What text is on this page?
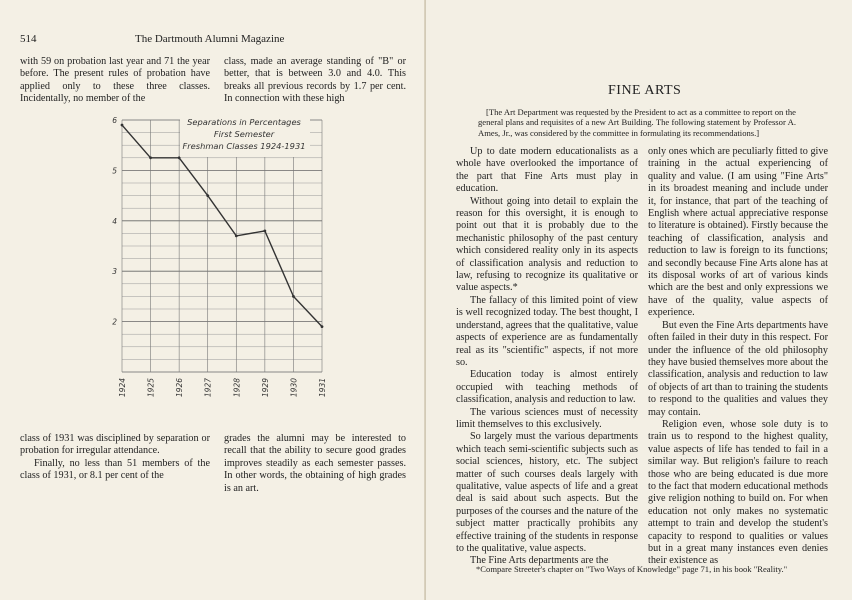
514	The Dartmouth Alumni Magazine

with 59 on probation last year and 71 the year before. The present rules of probation have applied only to these three classes. Incidentally, no member of the

class, made an average standing of "B" or better, that is between 3.0 and 4.0. This breaks all previous records by 1.7 per cent. In connection with these high

6
5
4
3
2
1924	1925	1926	1927	1928	1929	1930	1931
Separations in Percentages
First Semester
Freshman Classes 1924-1931

class of 1931 was disciplined by separation or probation for irregular attendance.

Finally, no less than 51 members of the class of 1931, or 8.1 per cent of the

grades the alumni may be interested to recall that the ability to secure good grades improves steadily as each semester passes. In other words, the obtaining of high grades is an art.

FINE ARTS
[The Art Department was requested by the President to act as a committee to report on the general plans and requisites of a new Art Building. The following statement by Professor A. Ames, Jr., was considered by the committee in formulating its recommendations.]

Up to date modern educationalists as a whole have overlooked the importance of the part that Fine Arts must play in education.

Without going into detail to explain the reason for this oversight, it is enough to point out that it is probably due to the mechanistic philosophy of the past century which considered reality only in its aspects of classification analysis and reduction to law, refusing to recognize its qualitative or value aspects.*

The fallacy of this limited point of view is well recognized today. The best thought, I understand, agrees that the qualitative, value aspects of experience are as fundamentally real as its "scientific" aspects, if not more so.

Education today is almost entirely occupied with teaching methods of classification, analysis and reduction to law.

The various sciences must of necessity limit themselves to this exclusively.

So largely must the various departments which teach semi-scientific subjects such as social sciences, history, etc. The subject matter of such courses deals largely with qualitative, value aspects of life and a great deal is said about such aspects. But the purposes of the courses and the nature of the subject matter practically prohibits any effective training of the students in response to the qualitative, value aspects.

The Fine Arts departments are the

only ones which are peculiarly fitted to give training in the actual experiencing of quality and value. (I am using "Fine Arts" in its broadest meaning and include under it, for instance, that part of the teaching of English where actual appreciative response to literature is obtained). Firstly because the teaching of classification, analysis and reduction to law is foreign to its functions; and secondly because Fine Arts alone has at its disposal works of art of various kinds which are the best and only expressions we have of the quality, value aspects of experience.

But even the Fine Arts departments have often failed in their duty in this respect. For under the influence of the old philosophy they have busied themselves more about the classification, analysis and reduction to law of objects of art than to training the students to respond to the qualities and values they may contain.

Religion even, whose sole duty is to train us to respond to the highest quality, value aspects of life has tended to fail in a similar way. But religion's failure to reach those who are being educated is due more to the fact that modern educational methods give religion nothing to build on. For when education not only makes no systematic attempt to train and develop the student's capacity to respond to qualities or values but in a great many instances even denies their existence as

*Compare Streeter's chapter on "Two Ways of Knowledge" page 71, in his book "Reality."
